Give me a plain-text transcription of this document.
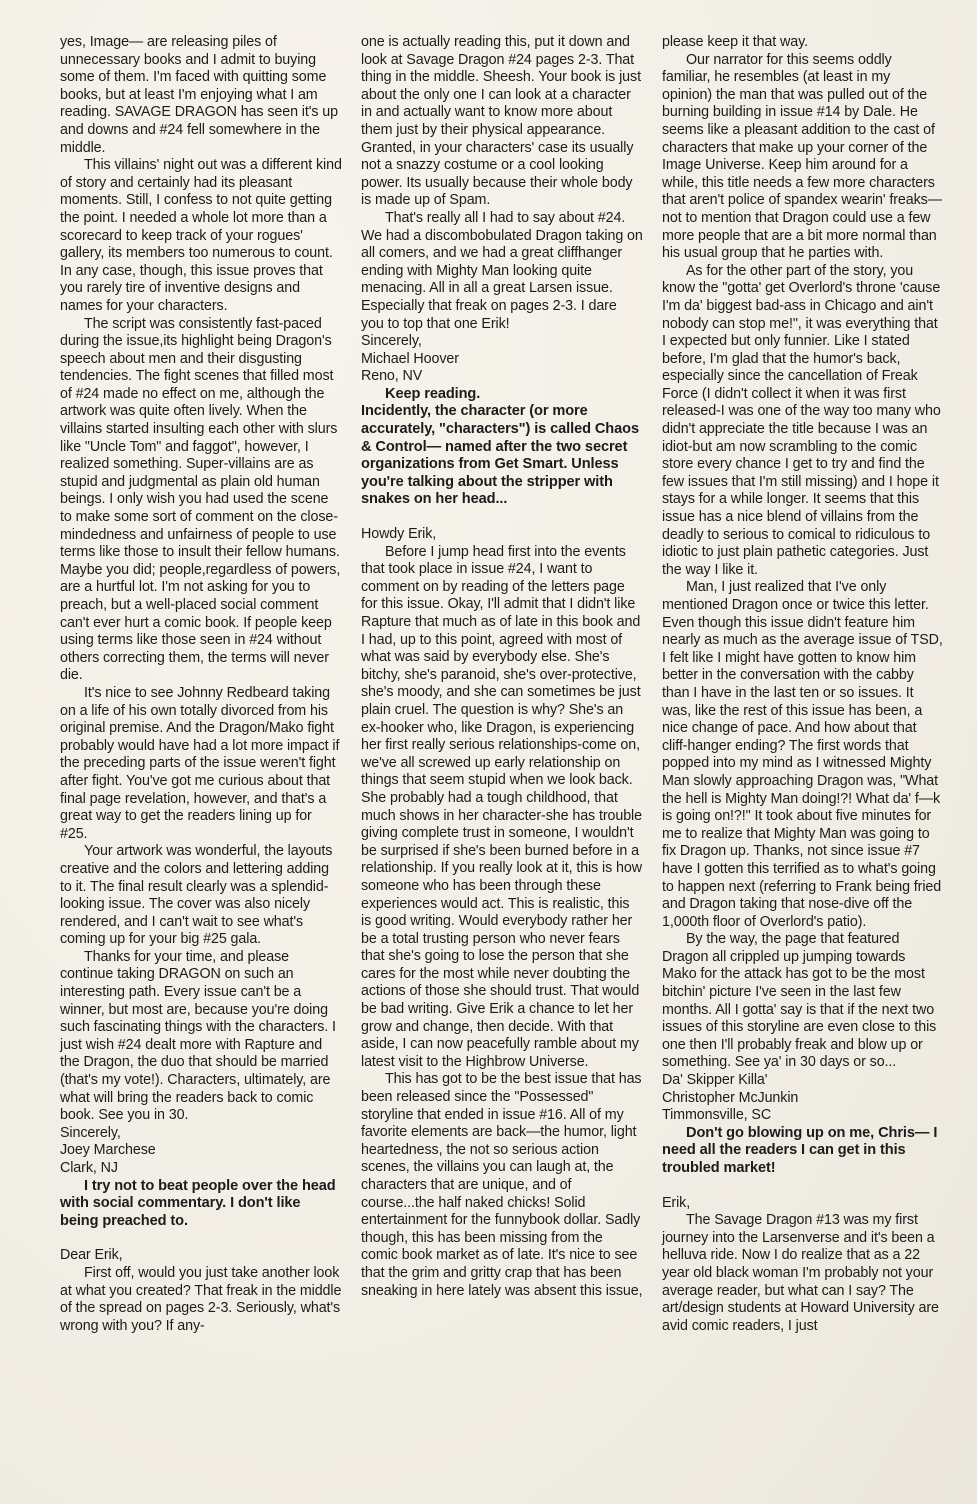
yes, Image— are releasing piles of unnecessary books and I admit to buying some of them. I'm faced with quitting some books, but at least I'm enjoying what I am reading. SAVAGE DRAGON has seen it's up and downs and #24 fell somewhere in the middle.

This villains' night out was a different kind of story and certainly had its pleasant moments. Still, I confess to not quite getting the point. I needed a whole lot more than a scorecard to keep track of your rogues' gallery, its members too numerous to count. In any case, though, this issue proves that you rarely tire of inventive designs and names for your characters.

The script was consistently fast-paced during the issue,its highlight being Dragon's speech about men and their disgusting tendencies. The fight scenes that filled most of #24 made no effect on me, although the artwork was quite often lively. When the villains started insulting each other with slurs like "Uncle Tom" and faggot", however, I realized something. Super-villains are as stupid and judgmental as plain old human beings. I only wish you had used the scene to make some sort of comment on the close-mindedness and unfairness of people to use terms like those to insult their fellow humans. Maybe you did; people,regardless of powers, are a hurtful lot. I'm not asking for you to preach, but a well-placed social comment can't ever hurt a comic book. If people keep using terms like those seen in #24 without others correcting them, the terms will never die.

It's nice to see Johnny Redbeard taking on a life of his own totally divorced from his original premise. And the Dragon/Mako fight probably would have had a lot more impact if the preceding parts of the issue weren't fight after fight. You've got me curious about that final page revelation, however, and that's a great way to get the readers lining up for #25.

Your artwork was wonderful, the layouts creative and the colors and lettering adding to it. The final result clearly was a splendid-looking issue. The cover was also nicely rendered, and I can't wait to see what's coming up for your big #25 gala.

Thanks for your time, and please continue taking DRAGON on such an interesting path. Every issue can't be a winner, but most are, because you're doing such fascinating things with the characters. I just wish #24 dealt more with Rapture and the Dragon, the duo that should be married (that's my vote!). Characters, ultimately, are what will bring the readers back to comic book. See you in 30.

Sincerely,

Joey Marchese

Clark, NJ

I try not to beat people over the head with social commentary. I don't like being preached to.

Dear Erik,

First off, would you just take another look at what you created? That freak in the middle of the spread on pages 2-3. Seriously, what's wrong with you? If any-

one is actually reading this, put it down and look at Savage Dragon #24 pages 2-3. That thing in the middle. Sheesh. Your book is just about the only one I can look at a character in and actually want to know more about them just by their physical appearance. Granted, in your characters' case its usually not a snazzy costume or a cool looking power. Its usually because their whole body is made up of Spam.

That's really all I had to say about #24. We had a discombobulated Dragon taking on all comers, and we had a great cliffhanger ending with Mighty Man looking quite menacing. All in all a great Larsen issue. Especially that freak on pages 2-3. I dare you to top that one Erik!

Sincerely,

Michael Hoover

Reno, NV

Keep reading.

Incidently, the character (or more accurately, "characters") is called Chaos & Control— named after the two secret organizations from Get Smart. Unless you're talking about the stripper with snakes on her head...

Howdy Erik,

Before I jump head first into the events that took place in issue #24, I want to comment on by reading of the letters page for this issue. Okay, I'll admit that I didn't like Rapture that much as of late in this book and I had, up to this point, agreed with most of what was said by everybody else. She's bitchy, she's paranoid, she's over-protective, she's moody, and she can sometimes be just plain cruel. The question is why? She's an ex-hooker who, like Dragon, is experiencing her first really serious relationships-come on, we've all screwed up early relationship on things that seem stupid when we look back. She probably had a tough childhood, that much shows in her character-she has trouble giving complete trust in someone, I wouldn't be surprised if she's been burned before in a relationship. If you really look at it, this is how someone who has been through these experiences would act. This is realistic, this is good writing. Would everybody rather her be a total trusting person who never fears that she's going to lose the person that she cares for the most while never doubting the actions of those she should trust. That would be bad writing. Give Erik a chance to let her grow and change, then decide. With that aside, I can now peacefully ramble about my latest visit to the Highbrow Universe.

This has got to be the best issue that has been released since the "Possessed" storyline that ended in issue #16. All of my favorite elements are back—the humor, light heartedness, the not so serious action scenes, the villains you can laugh at, the characters that are unique, and of course...the half naked chicks! Solid entertainment for the funnybook dollar. Sadly though, this has been missing from the comic book market as of late. It's nice to see that the grim and gritty crap that has been sneaking in here lately was absent this issue,

please keep it that way.

Our narrator for this seems oddly familiar, he resembles (at least in my opinion) the man that was pulled out of the burning building in issue #14 by Dale. He seems like a pleasant addition to the cast of characters that make up your corner of the Image Universe. Keep him around for a while, this title needs a few more characters that aren't police of spandex wearin' freaks—not to mention that Dragon could use a few more people that are a bit more normal than his usual group that he parties with.

As for the other part of the story, you know the "gotta' get Overlord's throne 'cause I'm da' biggest bad-ass in Chicago and ain't nobody can stop me!", it was everything that I expected but only funnier. Like I stated before, I'm glad that the humor's back, especially since the cancellation of Freak Force (I didn't collect it when it was first released-I was one of the way too many who didn't appreciate the title because I was an idiot-but am now scrambling to the comic store every chance I get to try and find the few issues that I'm still missing) and I hope it stays for a while longer. It seems that this issue has a nice blend of villains from the deadly to serious to comical to ridiculous to idiotic to just plain pathetic categories. Just the way I like it.

Man, I just realized that I've only mentioned Dragon once or twice this letter. Even though this issue didn't feature him nearly as much as the average issue of TSD, I felt like I might have gotten to know him better in the conversation with the cabby than I have in the last ten or so issues. It was, like the rest of this issue has been, a nice change of pace. And how about that cliff-hanger ending? The first words that popped into my mind as I witnessed Mighty Man slowly approaching Dragon was, "What the hell is Mighty Man doing!?! What da' f—k is going on!?!" It took about five minutes for me to realize that Mighty Man was going to fix Dragon up. Thanks, not since issue #7 have I gotten this terrified as to what's going to happen next (referring to Frank being fried and Dragon taking that nose-dive off the 1,000th floor of Overlord's patio).

By the way, the page that featured Dragon all crippled up jumping towards Mako for the attack has got to be the most bitchin' picture I've seen in the last few months. All I gotta' say is that if the next two issues of this storyline are even close to this one then I'll probably freak and blow up or something. See ya' in 30 days or so...

Da' Skipper Killa'

Christopher McJunkin

Timmonsville, SC

Don't go blowing up on me, Chris— I need all the readers I can get in this troubled market!

Erik,

The Savage Dragon #13 was my first journey into the Larsenverse and it's been a helluva ride. Now I do realize that as a 22 year old black woman I'm probably not your average reader, but what can I say? The art/design students at Howard University are avid comic readers, I just
